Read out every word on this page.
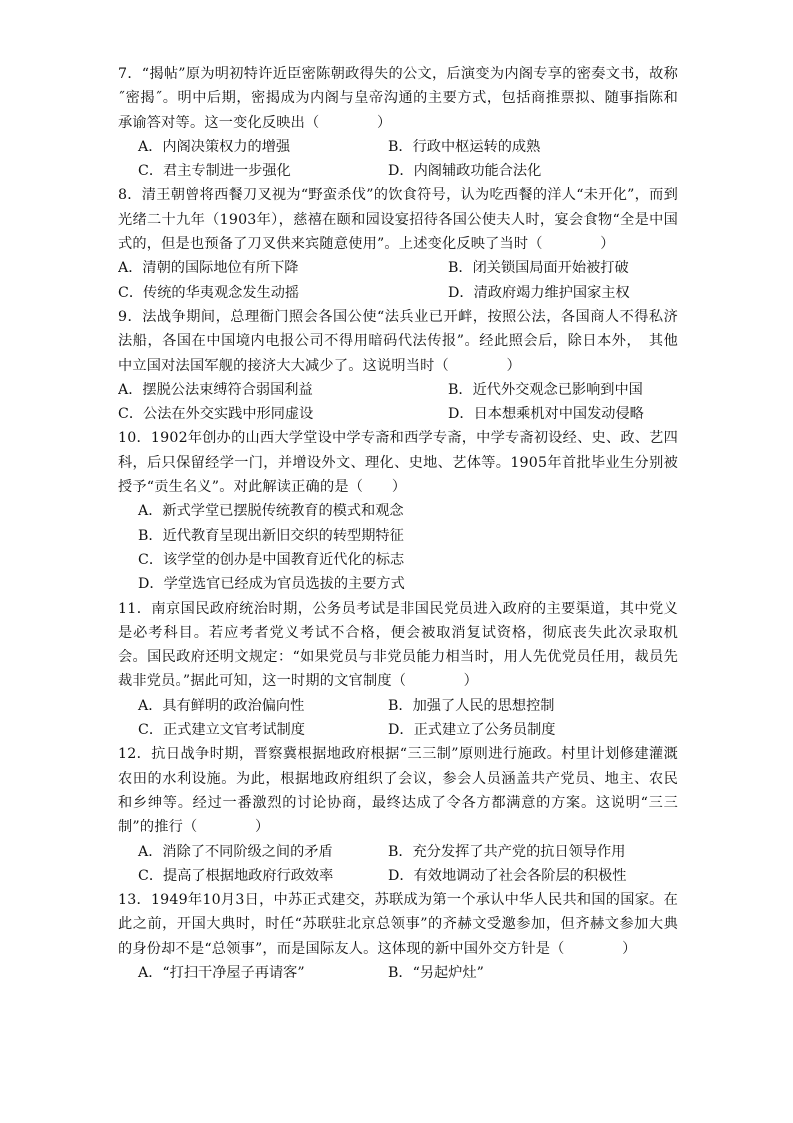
7．“揭帖”原为明初特许近臣密陈朝政得失的公文，后演变为内阁专享的密奏文书，故称˝密揭˝。明中后期，密揭成为内阁与皇帝沟通的主要方式，包括商推票拟、随事指陈和承谕答对等。这一变化反映出（　　　　）

A．内阁决策权力的增强	B．行政中枢运转的成熟
C．君主专制进一步强化	D．内阁辅政功能合法化

8．清王朝曾将西餐刀叉视为“野蛮杀伐”的饮食符号，认为吃西餐的洋人“未开化”，而到光绪二十九年（1903年），慈禧在颐和园设宴招待各国公使夫人时，宴会食物“全是中国式的，但是也预备了刀叉供来宾随意使用”。上述变化反映了当时（　　　　）

A．清朝的国际地位有所下降	B．闭关锁国局面开始被打破
C．传统的华夷观念发生动摇	D．清政府竭力维护国家主权

9．法战争期间，总理衙门照会各国公使“法兵业已开衅，按照公法，各国商人不得私济法船，各国在中国境内电报公司不得用暗码代法传报”。经此照会后，除日本外，　其他中立国对法国军舰的接济大大减少了。这说明当时（　　　　）

A．摆脱公法束缚符合弱国利益	B．近代外交观念已影响到中国
C．公法在外交实践中形同虚设	D．日本想乘机对中国发动侵略

10．1902年创办的山西大学堂设中学专斋和西学专斋，中学专斋初设经、史、政、艺四科，后只保留经学一门，并增设外文、理化、史地、艺体等。1905年首批毕业生分别被授予“贡生名义”。对此解读正确的是（　　）

A．新式学堂已摆脱传统教育的模式和观念
B．近代教育呈现出新旧交织的转型期特征
C．该学堂的创办是中国教育近代化的标志
D．学堂选官已经成为官员选拔的主要方式

11．南京国民政府统治时期，公务员考试是非国民党员进入政府的主要渠道，其中党义是必考科目。若应考者党义考试不合格，便会被取消复试资格，彻底丧失此次录取机会。国民政府还明文规定：“如果党员与非党员能力相当时，用人先优党员任用，裁员先裁非党员。”据此可知，这一时期的文官制度（　　　　）

A．具有鲜明的政治偏向性	B．加强了人民的思想控制
C．正式建立文官考试制度	D．正式建立了公务员制度

12．抗日战争时期，晋察冀根据地政府根据“三三制”原则进行施政。村里计划修建灌溉农田的水利设施。为此，根据地政府组织了会议，参会人员涵盖共产党员、地主、农民和乡绅等。经过一番激烈的讨论协商，最终达成了令各方都满意的方案。这说明“三三制”的推行（　　　　）

A．消除了不同阶级之间的矛盾	B．充分发挥了共产党的抗日领导作用
C．提高了根据地政府行政效率	D．有效地调动了社会各阶层的积极性

13．1949年10月3日，中苏正式建交，苏联成为第一个承认中华人民共和国的国家。在此之前，开国大典时，时任“苏联驻北京总领事”的齐赫文受邀参加，但齐赫文参加大典的身份却不是“总领事”，而是国际友人。这体现的新中国外交方针是（　　　　）

A．“打扫干净屋子再请客”	B．“另起炉灶”
